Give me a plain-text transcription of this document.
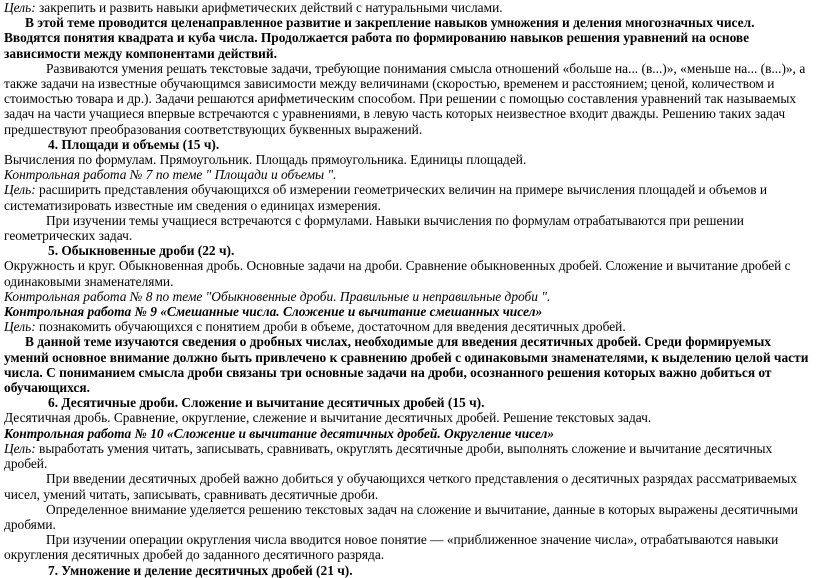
Цель: закрепить и развить навыки арифметических действий с натуральными числами.

В этой теме проводится целенаправленное развитие и закрепление навыков умножения и деления многозначных чисел. Вводятся понятия квадрата и куба числа. Продолжается работа по формированию навыков решения уравнений на основе зависимости между компонентами действий.

Развиваются умения решать текстовые задачи, требующие понимания смысла отношений «больше на... (в...)», «меньше на... (в...)», а также задачи на известные обучающимся зависимости между величинами (скоростью, временем и расстоянием; ценой, количеством и стоимостью товара и др.). Задачи решаются арифметическим способом. При решении с помощью составления уравнений так называемых задач на части учащиеся впервые встречаются с уравнениями, в левую часть которых неизвестное входит дважды. Решению таких задач предшествуют преобразования соответствующих буквенных выражений.

4. Площади и объемы (15 ч).

Вычисления по формулам. Прямоугольник. Площадь прямоугольника. Единицы площадей.

Контрольная работа № 7 по теме " Площади и объемы ".

Цель: расширить представления обучающихся об измерении геометрических величин на примере вычисления площадей и объемов и систематизировать известные им сведения о единицах измерения.

При изучении темы учащиеся встречаются с формулами. Навыки вычисления по формулам отрабатываются при решении геометрических задач.

5. Обыкновенные дроби (22 ч).

Окружность и круг. Обыкновенная дробь. Основные задачи на дроби. Сравнение обыкновенных дробей. Сложение и вычитание дробей с одинаковыми знаменателями.

Контрольная работа № 8 по теме "Обыкновенные дроби. Правильные и неправильные дроби ".

Контрольная работа № 9 «Смешанные числа. Сложение и вычитание смешанных чисел»

Цель: познакомить обучающихся с понятием дроби в объеме, достаточном для введения десятичных дробей.

В данной теме изучаются сведения о дробных числах, необходимые для введения десятичных дробей. Среди формируемых умений основное внимание должно быть привлечено к сравнению дробей с одинаковыми знаменателями, к выделению целой части числа. С пониманием смысла дроби связаны три основные задачи на дроби, осознанного решения которых важно добиться от обучающихся.

6. Десятичные дроби. Сложение и вычитание десятичных дробей (15 ч).

Десятичная дробь. Сравнение, округление, слежение и вычитание десятичных дробей. Решение текстовых задач.

Контрольная работа № 10 «Сложение и вычитание десятичных дробей. Округление чисел»

Цель: выработать умения читать, записывать, сравнивать, округлять десятичные дроби, выполнять сложение и вычитание десятичных дробей.

При введении десятичных дробей важно добиться у обучающихся четкого представления о десятичных разрядах рассматриваемых чисел, умений читать, записывать, сравнивать десятичные дроби.

Определенное внимание уделяется решению текстовых задач на сложение и вычитание, данные в которых выражены десятичными дробями.

При изучении операции округления числа вводится новое понятие — «приближенное значение числа», отрабатываются навыки округления десятичных дробей до заданного десятичного разряда.

7. Умножение и деление десятичных дробей (21 ч).
